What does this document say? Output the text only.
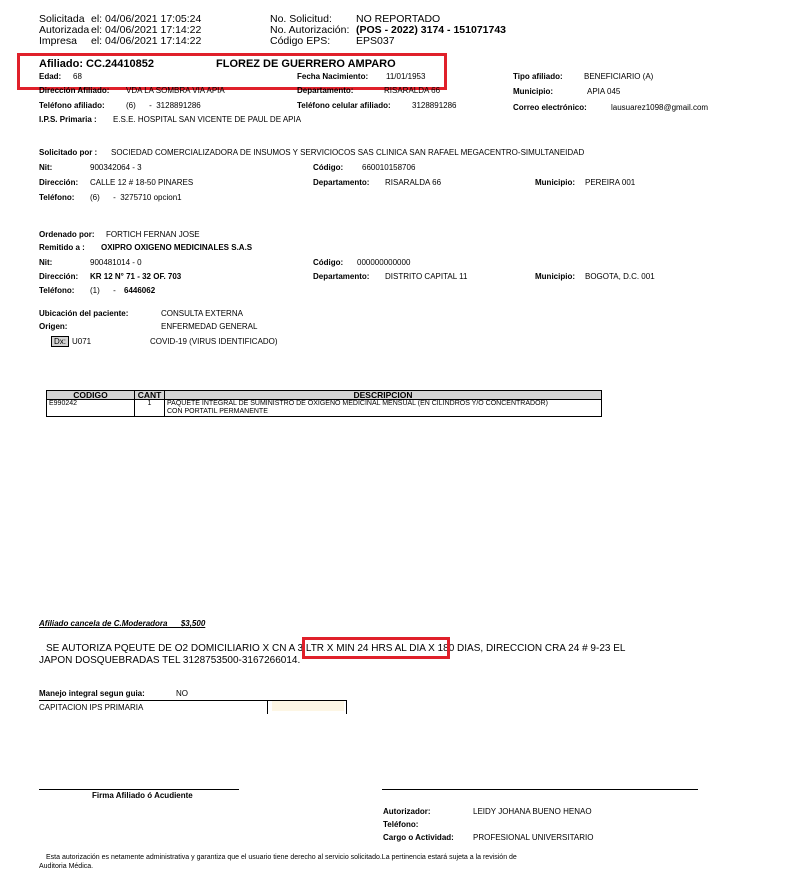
Solicitada el: 04/06/2021 17:05:24
Autorizada el: 04/06/2021 17:14:22
Impresa el: 04/06/2021 17:14:22
No. Solicitud: NO REPORTADO
No. Autorización: (POS - 2022) 3174 - 151071743
Código EPS: EPS037
Afiliado: CC.24410852	FLOREZ DE GUERRERO AMPARO
Edad: 68	Fecha Nacimiento: 11/01/1953	Tipo afiliado:	BENEFICIARIO (A)
Dirección Afiliado: VDA LA SOMBRA VIA APIA	Departamento:	RISARALDA 66	Municipio:	APIA 045
Teléfono afiliado:	(6)      -  3128891286	Teléfono celular afiliado:	3128891286	Correo electrónico:	lausuarez1098@gmail.com
I.P.S. Primaria : E.S.E. HOSPITAL SAN VICENTE DE PAUL DE APIA
Solicitado por : SOCIEDAD COMERCIALIZADORA DE INSUMOS Y SERVICIOCOS SAS CLINICA SAN RAFAEL MEGACENTRO-SIMULTANEIDAD
Nit:	900342064 - 3	Código: 660010158706
Dirección: CALLE 12 # 18-50 PINARES	Departamento: RISARALDA 66	Municipio: PEREIRA 001
Teléfono: (6)      -  3275710 opcion1
Ordenado por: FORTICH FERNAN JOSE
Remitido a : OXIPRO OXIGENO MEDICINALES S.A.S
Nit:	900481014 - 0	Código: 000000000000
Dirección: KR 12 N° 71 - 32 OF. 703	Departamento: DISTRITO CAPITAL 11	Municipio: BOGOTA, D.C. 001
Teléfono: (1)      - 6446062
Ubicación del paciente:	CONSULTA EXTERNA
Origen:	ENFERMEDAD GENERAL
Dx: U071	COVID-19 (VIRUS IDENTIFICADO)
CODIGO	CANT	DESCRIPCION
E990242	1	PAQUETE INTEGRAL DE SUMINISTRO DE OXIGENO MEDICINAL MENSUAL (EN CILINDROS Y/O CONCENTRADOR)
CON PORTATIL PERMANENTE
Afiliado cancela de C.Moderadora      $3,500
SE AUTORIZA PQEUTE DE O2 DOMICILIARIO X CN A 3 LTR X MIN 24 HRS AL DIA X 180 DIAS, DIRECCION CRA 24 # 9-23 EL
JAPON DOSQUEBRADAS TEL 3128753500-3167266014.
Manejo integral segun guia:	NO
CAPITACION IPS PRIMARIA
Firma Afiliado ó Acudiente
Autorizador:	LEIDY JOHANA BUENO HENAO
Teléfono:
Cargo o Actividad: PROFESIONAL UNIVERSITARIO
Esta autorización es netamente administrativa y garantiza que el usuario tiene derecho al servicio solicitado.La pertinencia estará sujeta a la revisión de
Auditoria Médica.
